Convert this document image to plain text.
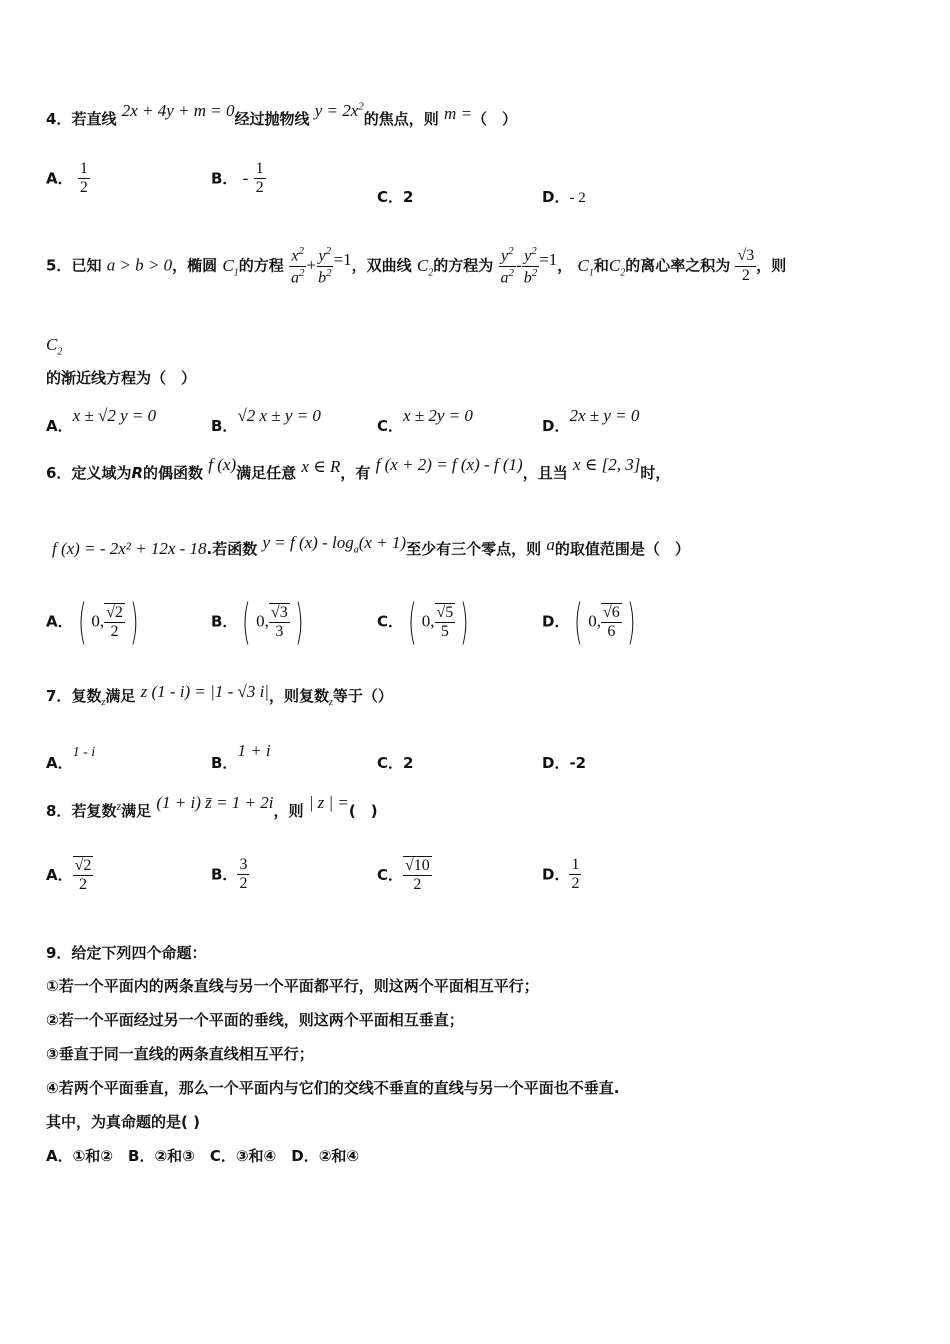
4．若直线 2x + 4y + m = 0经过抛物线 $y = 2x^2$的焦点，则 m =（　）
A． $\frac{1}{2}$	B． - $\frac{1}{2}$	C．2	D．- 2
5．已知 a > b > 0，椭圆 $C_1$的方程 $\frac{x^2}{a^2} + \frac{y^2}{b^2} =1$，双曲线 $C_2$的方程为 $\frac{y^2}{a^2} - \frac{y^2}{b^2} =1$， $C_1$和$C_2$的离心率之积为 $\frac{√3}{2}$ ，则
$C_2$
的渐近线方程为（　）
A．x ± √2 y = 0
B．√2 x ± y = 0
C．x ± 2y = 0
D．2x ± y = 0
6．定义域为R的偶函数 f (x)满足任意 x ∈ R，有 f (x + 2) = f (x) - f (1)，且当 x ∈ [2, 3]时，
f (x) = - 2x² + 12x - 18.若函数 y = f $(x) - \log_a(x + 1)$至少有三个零点，则 a的取值范围是（　）
A． ( 0, $\frac{√2}{2}$ )	B． ( 0, $\frac{√3}{3}$ )	C． ( 0, $\frac{√5}{5}$ )	D． ( 0, $\frac{√6}{6}$ )
7．复数$_z$满足 z (1 - i) = |1 - √3 i|，则复数$_z$等于（）
A．1 - i
B．1 + i
C．2	D．-2
8．若复数$^z$满足 (1 + i) z̄ = 1 + 2i，则 | z | =(　)
A． $\frac{√2}{2}$	B． $\frac{3}{2}$	C． $\frac{√10}{2}$	D． $\frac{1}{2}$
9．给定下列四个命题：
①若一个平面内的两条直线与另一个平面都平行，则这两个平面相互平行；
②若一个平面经过另一个平面的垂线，则这两个平面相互垂直；
③垂直于同一直线的两条直线相互平行；
④若两个平面垂直，那么一个平面内与它们的交线不垂直的直线与另一个平面也不垂直.
其中，为真命题的是( )
A．①和②　B．②和③　C．③和④　D．②和④
